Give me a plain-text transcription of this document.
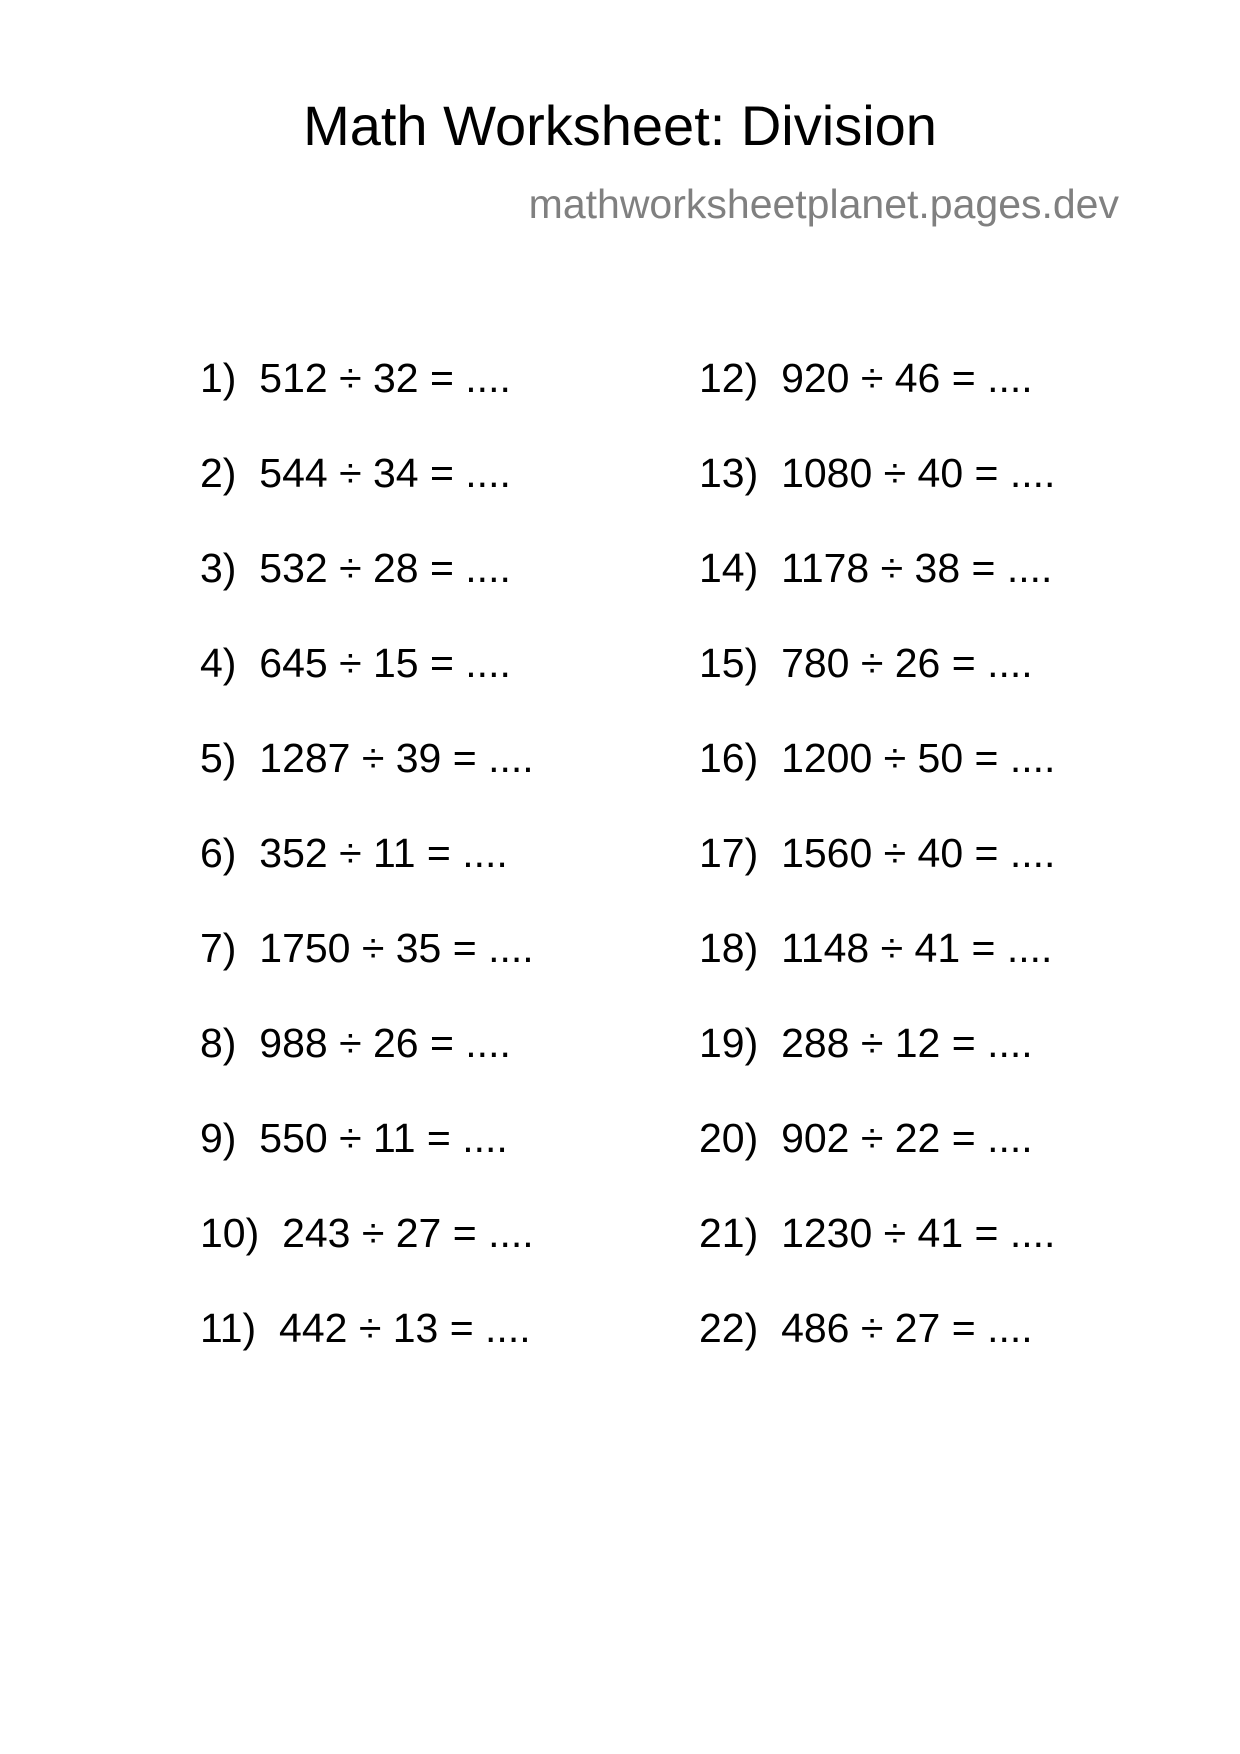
Math Worksheet: Division
mathworksheetplanet.pages.dev
1) 512 ÷ 32 = ....
2) 544 ÷ 34 = ....
3) 532 ÷ 28 = ....
4) 645 ÷ 15 = ....
5) 1287 ÷ 39 = ....
6) 352 ÷ 11 = ....
7) 1750 ÷ 35 = ....
8) 988 ÷ 26 = ....
9) 550 ÷ 11 = ....
10) 243 ÷ 27 = ....
11) 442 ÷ 13 = ....
12) 920 ÷ 46 = ....
13) 1080 ÷ 40 = ....
14) 1178 ÷ 38 = ....
15) 780 ÷ 26 = ....
16) 1200 ÷ 50 = ....
17) 1560 ÷ 40 = ....
18) 1148 ÷ 41 = ....
19) 288 ÷ 12 = ....
20) 902 ÷ 22 = ....
21) 1230 ÷ 41 = ....
22) 486 ÷ 27 = ....
